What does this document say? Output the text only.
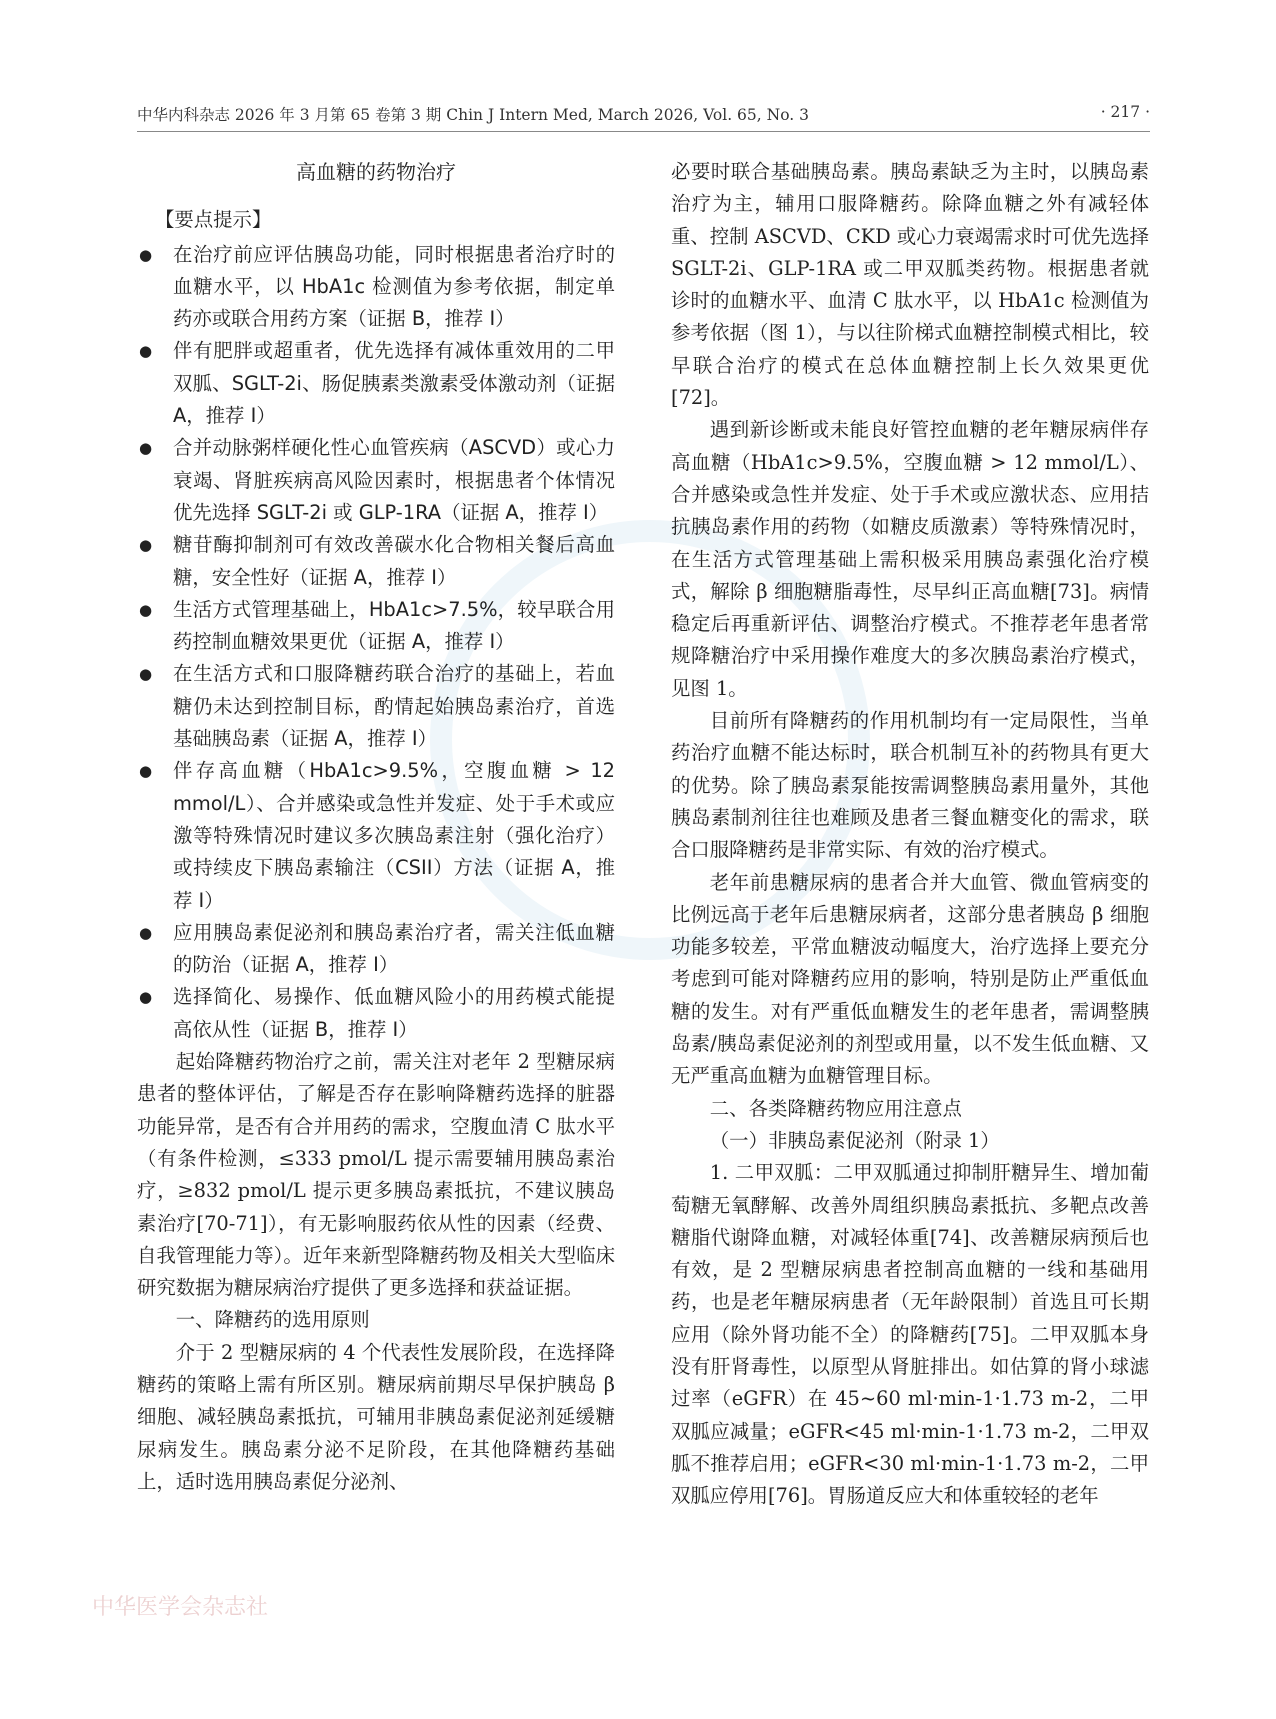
中华内科杂志 2026 年 3 月第 65 卷第 3 期 Chin J Intern Med, March 2026, Vol. 65, No. 3	· 217 ·
高血糖的药物治疗
【要点提示】
● 在治疗前应评估胰岛功能，同时根据患者治疗时的血糖水平，以 HbA1c 检测值为参考依据，制定单药亦或联合用药方案（证据 B，推荐 Ⅰ）
● 伴有肥胖或超重者，优先选择有减体重效用的二甲双胍、SGLT-2i、肠促胰素类激素受体激动剂（证据 A，推荐 Ⅰ）
● 合并动脉粥样硬化性心血管疾病（ASCVD）或心力衰竭、肾脏疾病高风险因素时，根据患者个体情况优先选择 SGLT-2i 或 GLP-1RA（证据 A，推荐 Ⅰ）
● 糖苷酶抑制剂可有效改善碳水化合物相关餐后高血糖，安全性好（证据 A，推荐 Ⅰ）
● 生活方式管理基础上，HbA1c>7.5%，较早联合用药控制血糖效果更优（证据 A，推荐 Ⅰ）
● 在生活方式和口服降糖药联合治疗的基础上，若血糖仍未达到控制目标，酌情起始胰岛素治疗，首选基础胰岛素（证据 A，推荐 Ⅰ）
● 伴存高血糖（HbA1c>9.5%，空腹血糖 > 12 mmol/L）、合并感染或急性并发症、处于手术或应激等特殊情况时建议多次胰岛素注射（强化治疗）或持续皮下胰岛素输注（CSII）方法（证据 A，推荐 Ⅰ）
● 应用胰岛素促泌剂和胰岛素治疗者，需关注低血糖的防治（证据 A，推荐 Ⅰ）
● 选择简化、易操作、低血糖风险小的用药模式能提高依从性（证据 B，推荐 Ⅰ）

起始降糖药物治疗之前，需关注对老年 2 型糖尿病患者的整体评估，了解是否存在影响降糖药选择的脏器功能异常，是否有合并用药的需求，空腹血清 C 肽水平（有条件检测，≤333 pmol/L 提示需要辅用胰岛素治疗，≥832 pmol/L 提示更多胰岛素抵抗，不建议胰岛素治疗[70-71]），有无影响服药依从性的因素（经费、自我管理能力等）。近年来新型降糖药物及相关大型临床研究数据为糖尿病治疗提供了更多选择和获益证据。

一、降糖药的选用原则

介于 2 型糖尿病的 4 个代表性发展阶段，在选择降糖药的策略上需有所区别。糖尿病前期尽早保护胰岛 β 细胞、减轻胰岛素抵抗，可辅用非胰岛素促泌剂延缓糖尿病发生。胰岛素分泌不足阶段，在其他降糖药基础上，适时选用胰岛素促分泌剂、

必要时联合基础胰岛素。胰岛素缺乏为主时，以胰岛素治疗为主，辅用口服降糖药。除降血糖之外有减轻体重、控制 ASCVD、CKD 或心力衰竭需求时可优先选择 SGLT-2i、GLP-1RA 或二甲双胍类药物。根据患者就诊时的血糖水平、血清 C 肽水平，以 HbA1c 检测值为参考依据（图 1），与以往阶梯式血糖控制模式相比，较早联合治疗的模式在总体血糖控制上长久效果更优[72]。

遇到新诊断或未能良好管控血糖的老年糖尿病伴存高血糖（HbA1c>9.5%，空腹血糖 > 12 mmol/L）、合并感染或急性并发症、处于手术或应激状态、应用拮抗胰岛素作用的药物（如糖皮质激素）等特殊情况时，在生活方式管理基础上需积极采用胰岛素强化治疗模式，解除 β 细胞糖脂毒性，尽早纠正高血糖[73]。病情稳定后再重新评估、调整治疗模式。不推荐老年患者常规降糖治疗中采用操作难度大的多次胰岛素治疗模式，见图 1。

目前所有降糖药的作用机制均有一定局限性，当单药治疗血糖不能达标时，联合机制互补的药物具有更大的优势。除了胰岛素泵能按需调整胰岛素用量外，其他胰岛素制剂往往也难顾及患者三餐血糖变化的需求，联合口服降糖药是非常实际、有效的治疗模式。

老年前患糖尿病的患者合并大血管、微血管病变的比例远高于老年后患糖尿病者，这部分患者胰岛 β 细胞功能多较差，平常血糖波动幅度大，治疗选择上要充分考虑到可能对降糖药应用的影响，特别是防止严重低血糖的发生。对有严重低血糖发生的老年患者，需调整胰岛素/胰岛素促泌剂的剂型或用量，以不发生低血糖、又无严重高血糖为血糖管理目标。

二、各类降糖药物应用注意点

（一）非胰岛素促泌剂（附录 1）

1. 二甲双胍：二甲双胍通过抑制肝糖异生、增加葡萄糖无氧酵解、改善外周组织胰岛素抵抗、多靶点改善糖脂代谢降血糖，对减轻体重[74]、改善糖尿病预后也有效，是 2 型糖尿病患者控制高血糖的一线和基础用药，也是老年糖尿病患者（无年龄限制）首选且可长期应用（除外肾功能不全）的降糖药[75]。二甲双胍本身没有肝肾毒性，以原型从肾脏排出。如估算的肾小球滤过率（eGFR）在 45~60 ml·min-1·1.73 m-2，二甲双胍应减量；eGFR<45 ml·min-1·1.73 m-2，二甲双胍不推荐启用；eGFR<30 ml·min-1·1.73 m-2，二甲双胍应停用[76]。胃肠道反应大和体重较轻的老年

中华医学会杂志社
